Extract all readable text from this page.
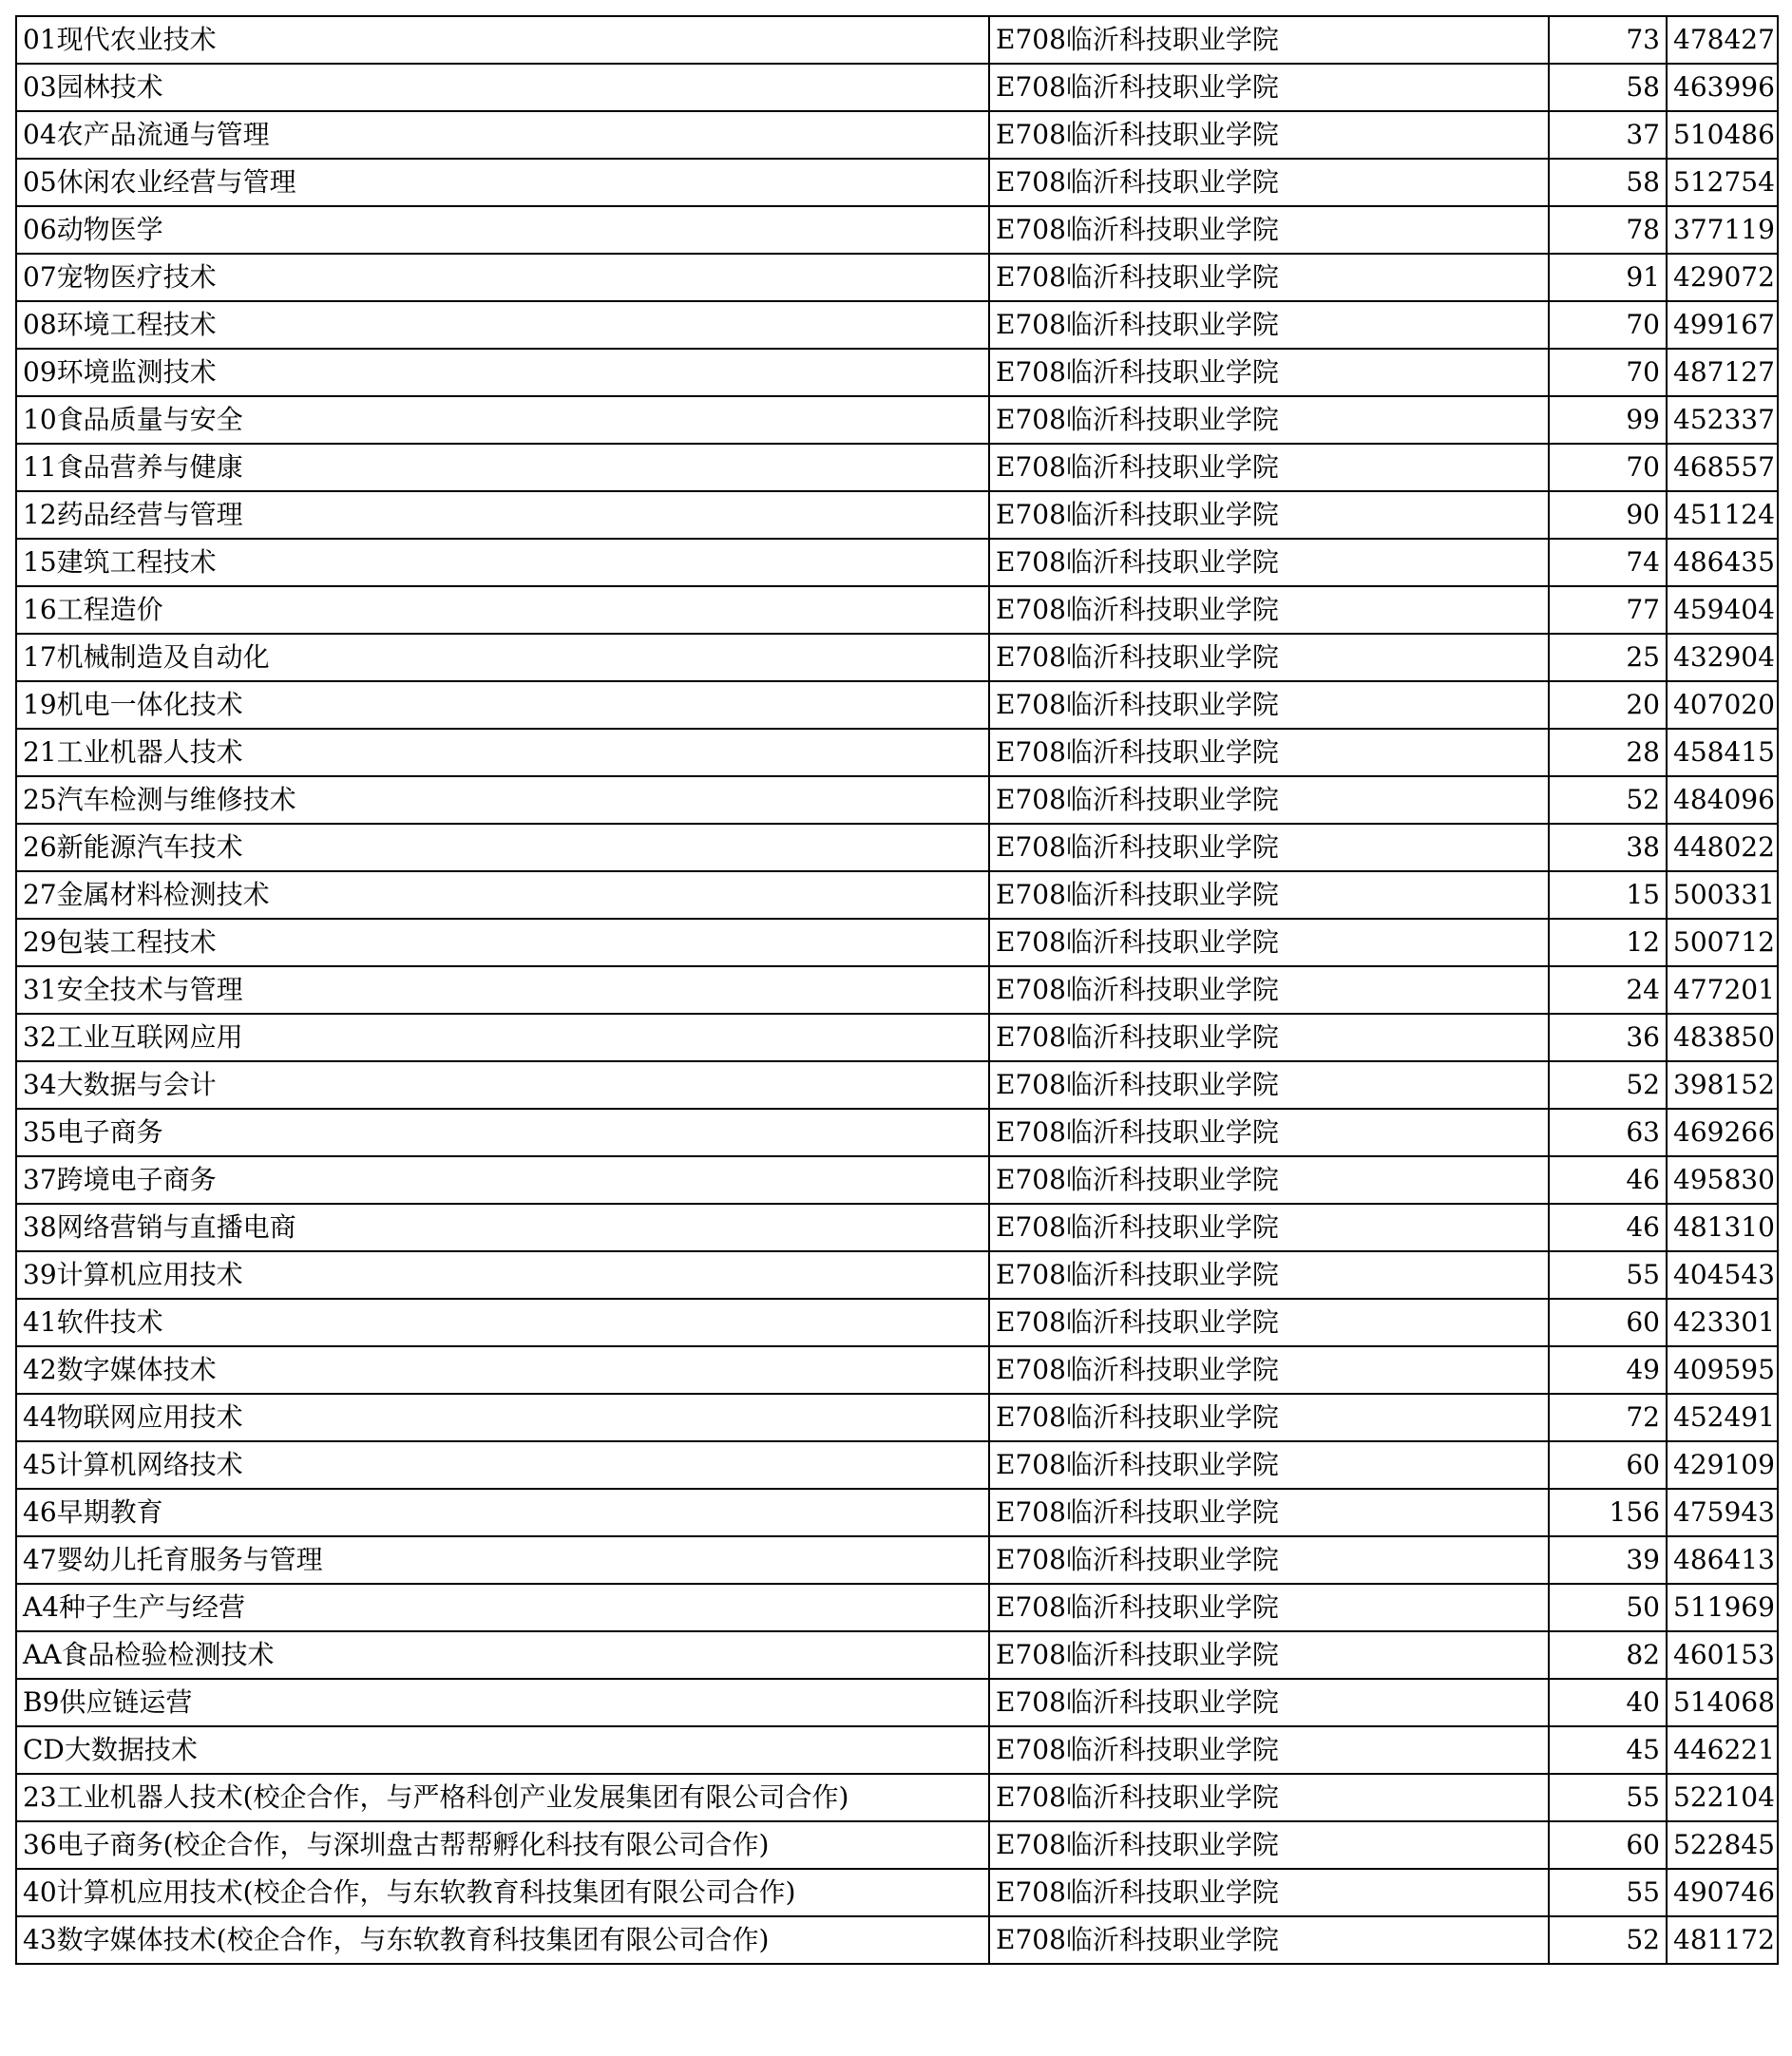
01现代农业技术	E708临沂科技职业学院	73	478427
03园林技术	E708临沂科技职业学院	58	463996
04农产品流通与管理	E708临沂科技职业学院	37	510486
05休闲农业经营与管理	E708临沂科技职业学院	58	512754
06动物医学	E708临沂科技职业学院	78	377119
07宠物医疗技术	E708临沂科技职业学院	91	429072
08环境工程技术	E708临沂科技职业学院	70	499167
09环境监测技术	E708临沂科技职业学院	70	487127
10食品质量与安全	E708临沂科技职业学院	99	452337
11食品营养与健康	E708临沂科技职业学院	70	468557
12药品经营与管理	E708临沂科技职业学院	90	451124
15建筑工程技术	E708临沂科技职业学院	74	486435
16工程造价	E708临沂科技职业学院	77	459404
17机械制造及自动化	E708临沂科技职业学院	25	432904
19机电一体化技术	E708临沂科技职业学院	20	407020
21工业机器人技术	E708临沂科技职业学院	28	458415
25汽车检测与维修技术	E708临沂科技职业学院	52	484096
26新能源汽车技术	E708临沂科技职业学院	38	448022
27金属材料检测技术	E708临沂科技职业学院	15	500331
29包装工程技术	E708临沂科技职业学院	12	500712
31安全技术与管理	E708临沂科技职业学院	24	477201
32工业互联网应用	E708临沂科技职业学院	36	483850
34大数据与会计	E708临沂科技职业学院	52	398152
35电子商务	E708临沂科技职业学院	63	469266
37跨境电子商务	E708临沂科技职业学院	46	495830
38网络营销与直播电商	E708临沂科技职业学院	46	481310
39计算机应用技术	E708临沂科技职业学院	55	404543
41软件技术	E708临沂科技职业学院	60	423301
42数字媒体技术	E708临沂科技职业学院	49	409595
44物联网应用技术	E708临沂科技职业学院	72	452491
45计算机网络技术	E708临沂科技职业学院	60	429109
46早期教育	E708临沂科技职业学院	156	475943
47婴幼儿托育服务与管理	E708临沂科技职业学院	39	486413
A4种子生产与经营	E708临沂科技职业学院	50	511969
AA食品检验检测技术	E708临沂科技职业学院	82	460153
B9供应链运营	E708临沂科技职业学院	40	514068
CD大数据技术	E708临沂科技职业学院	45	446221
23工业机器人技术(校企合作，与严格科创产业发展集团有限公司合作)	E708临沂科技职业学院	55	522104
36电子商务(校企合作，与深圳盘古帮帮孵化科技有限公司合作)	E708临沂科技职业学院	60	522845
40计算机应用技术(校企合作，与东软教育科技集团有限公司合作)	E708临沂科技职业学院	55	490746
43数字媒体技术(校企合作，与东软教育科技集团有限公司合作)	E708临沂科技职业学院	52	481172
